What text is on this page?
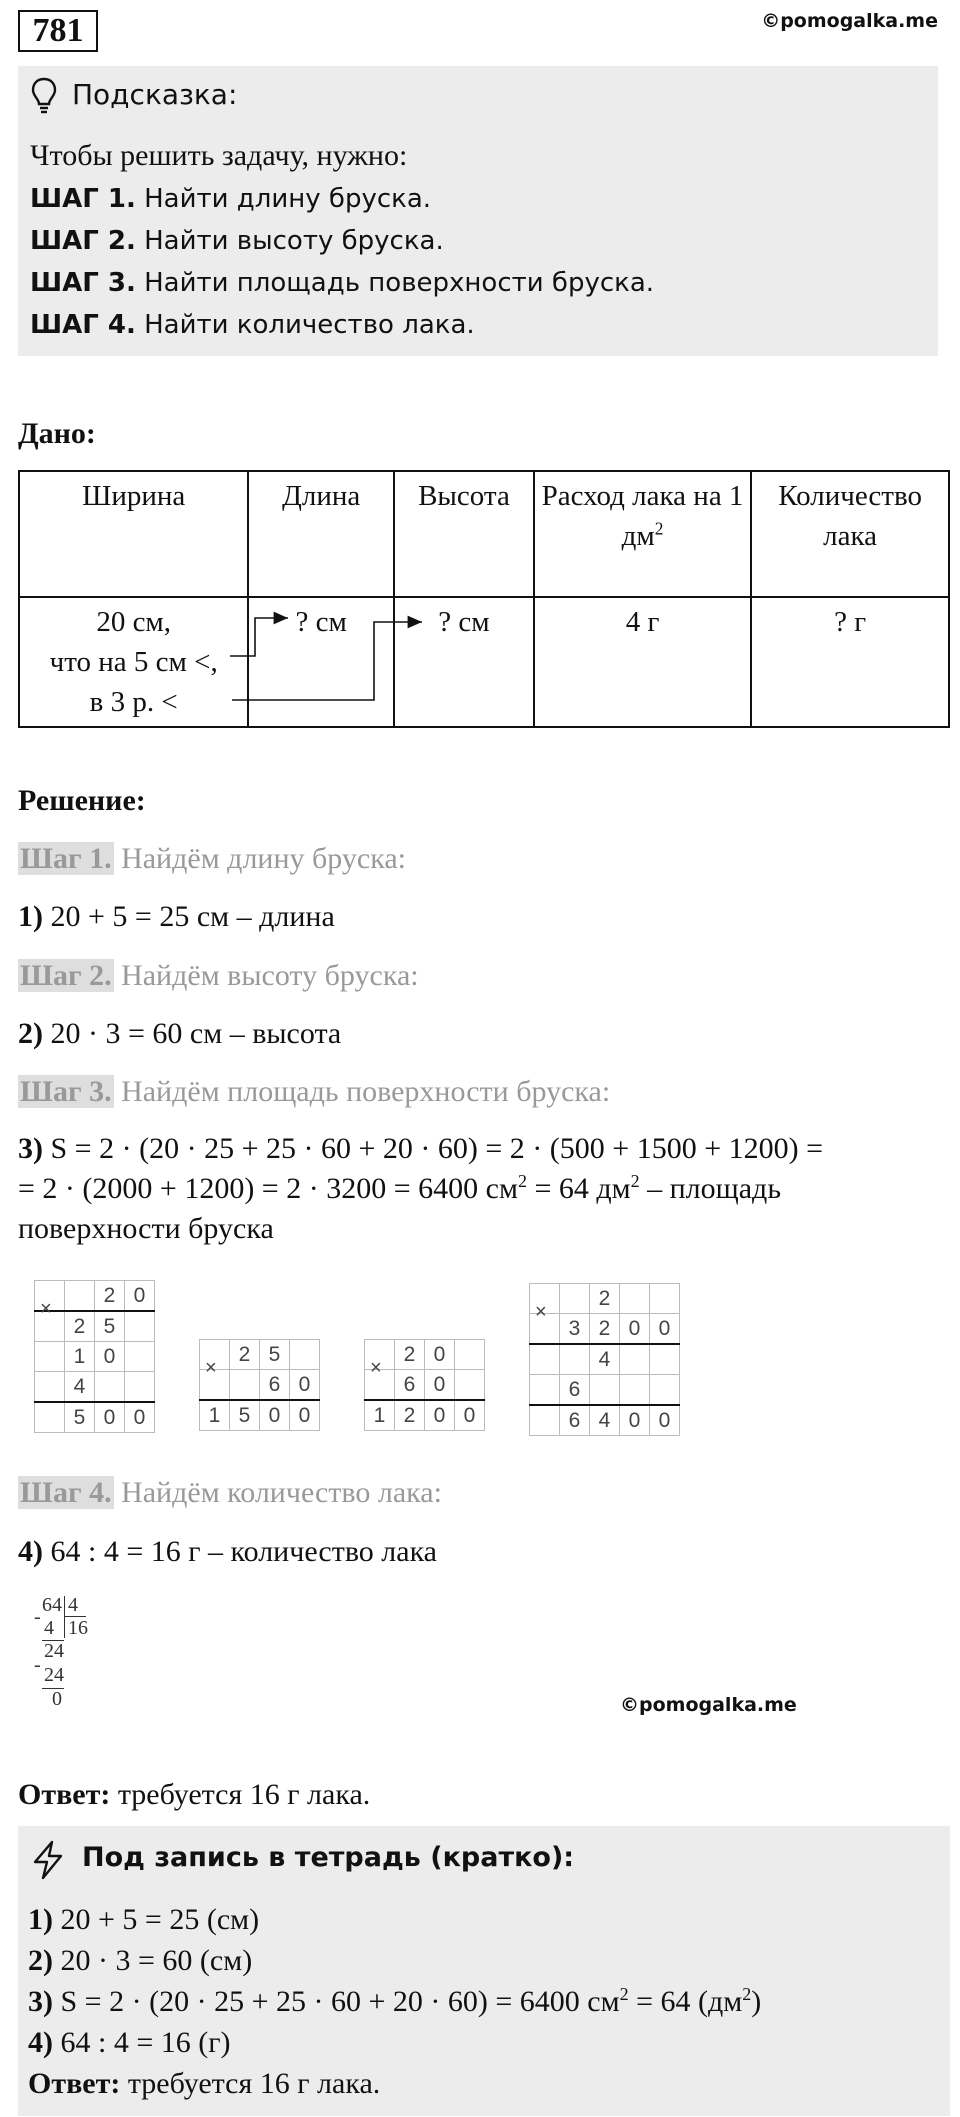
781	©pomogalka.me
Подсказка:
Чтобы решить задачу, нужно:
ШАГ 1. Найти длину бруска.
ШАГ 2. Найти высоту бруска.
ШАГ 3. Найти площадь поверхности бруска.
ШАГ 4. Найти количество лака.
Дано:
Ширина	Длина	Высота	Расход лака на 1 $дм^2$	Количество лака

20 см,
что на 5 см <,
в 3 р. <	? см	? см	4 г	? г
Решение:
Шаг 1. Найдём длину бруска:
1) 20 + 5 = 25 см – длина
Шаг 2. Найдём высоту бруска:
2) 20 · 3 = 60 см – высота
Шаг 3. Найдём площадь поверхности бруска:
3) S = 2 · (20 · 25 + 25 · 60 + 20 · 60) = 2 · (500 + 1500 + 1200) =
= 2 · (2000 + 1200) = 2 · 3200 = 6400 $см^2 = 64$ $дм^2$ – площадь
поверхности бруска
		2	0
	2	5	
	1	0	
	4		
	5	0	0
×
	2	5	
		6	0
1	5	0	0
×
	2	0	
	6	0	
1	2	0	0
×
		2		
	3	2	0	0
		4		
	6			
	6	4	0	0
×
Шаг 4. Найдём количество лака:
4) 64 : 4 = 16 г – количество лака
64 4
16
- 4
24
- 24
0	©pomogalka.me
Ответ: требуется 16 г лака.
Под запись в тетрадь (кратко):
1) 20 + 5 = 25 (см)
2) 20 · 3 = 60 (см)
3) S = 2 · (20 · 25 + 25 · 60 + 20 · 60) = 6400 $см^2 = 64$ $(дм^2)$
4) 64 : 4 = 16 (г)
Ответ: требуется 16 г лака.
